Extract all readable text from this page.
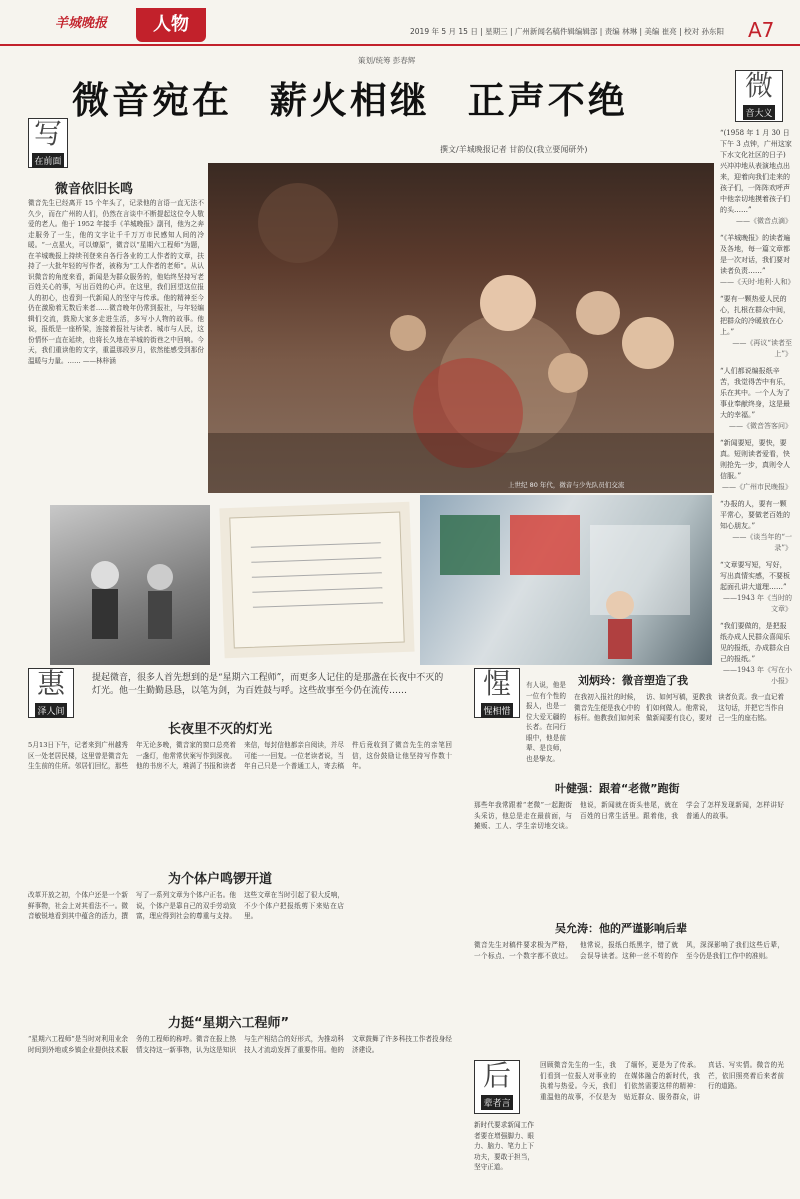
羊城晚报	人物	2019 年 5 月 15 日 | 星期三 | 广州新闻名稿件辑编辑部 | 责编 林琳 | 美编 崔亮 | 校对 孙东阳 A7
策划/统筹 彭春辉
微音宛在 薪火相继 正声不绝
写
在前面
撰文/羊城晚报记者 甘韵仪(我立要闻研外)
微音依旧长鸣
微音先生已经离开 15 个年头了，记录他的言语一直无法不久少，而在广州的人们，仍然在言谈中不断提起这位令人敬爱的老人。他于 1952 年接手《羊城晚报》副刊，他为之奔走服务了一生，他的文字让千千万万市民感知人间的冷暖。“一点星火，可以燎原”，微音以“星期六工程师”为题，在羊城晚报上持续刊登来自各行各业的工人作者的文章，扶持了一大批年轻的写作者，被称为“工人作者的老师”。从认识微音的角度来看，新闻是为群众服务的，他始终坚持写老百姓关心的事，写出百姓的心声。在这里，我们回望这位报人的初心，也看到一代新闻人的坚守与传承。他的精神至今仍在激励着无数后来者……微音晚年仍常到报社，与年轻编辑们交流，鼓励大家多走进生活，多写小人物的故事。他说，报纸是一座桥梁，连接着报社与读者、城市与人民，这份情怀一直在延续，也将长久地在羊城的街巷之中回响。今天，我们重读他的文字，重温那段岁月，依然能感受到那份温暖与力量。…… ——林梓涵
上世纪 80 年代，微音与少先队员们交流
微
音大义
“(1958 年 1 月 30 日下午 3 点钟，广州这家下水文化社区的日子)兴冲冲地从表演地点出来，迎着向我们走来的孩子们，一阵阵欢呼声中他亲切地摸着孩子们的头……”
——《微音点滴》
“《羊城晚报》的读者遍及各地，每一篇文章都是一次对话，我们要对读者负责……”
——《天时·地利·人和》
“要有一颗热爱人民的心，扎根在群众中间，把群众的冷暖放在心上。”
——《再议“读者至上”》
“人们都说编报纸辛苦，我觉得苦中有乐，乐在其中。一个人为了事业奉献终身，这是最大的幸福。”
——《微音答客问》
“新闻要短，要快，要真。短则读者爱看，快则抢先一步，真则令人信服。”
——《广州市民晚报》
“办报的人，要有一颗平常心，要做老百姓的知心朋友。”
——《谈当年的“一录”》
“文章要写短，写好，写出真情实感，不要板起面孔讲大道理……”
——1943 年《当时的文章》
“我们要做的，是把报纸办成人民群众喜闻乐见的报纸，办成群众自己的报纸。”
——1943 年《写在小小报》
惠
泽人间
提起微音，很多人首先想到的是“星期六工程师”，而更多人记住的是那盏在长夜中不灭的灯光。他一生勤勤恳恳，以笔为剑，为百姓鼓与呼。这些故事至今仍在流传……
长夜里不灭的灯光
5月13日下午，记者来到广州越秀区一处老居民楼，这里曾是微音先生生前的住所。邻居们回忆，那些年无论多晚，微音家的窗口总亮着一盏灯，他常常伏案写作到深夜。他的书房不大，堆满了书报和读者来信，每封信他都亲自阅读，并尽可能一一回复。一位老读者说，当年自己只是一个普通工人，寄去稿件后竟收到了微音先生的亲笔回信，这份鼓励让他坚持写作数十年。
为个体户鸣锣开道
改革开放之初，个体户还是一个新鲜事物，社会上对其看法不一。微音敏锐地看到其中蕴含的活力，撰写了一系列文章为个体户正名。他说，个体户是靠自己的双手劳动致富，理应得到社会的尊重与支持。这些文章在当时引起了很大反响，不少个体户把报纸剪下来贴在店里。
力挺“星期六工程师”
“星期六工程师”是当时对利用业余时间到外地或乡镇企业提供技术服务的工程师的称呼。微音在报上热情支持这一新事物，认为这是知识与生产相结合的好形式，为推动科技人才流动发挥了重要作用。他的文章鼓舞了许多科技工作者投身经济建设。
惺
惺相惜
有人说，他是一位有个性的报人，也是一位大爱无疆的长者。在同行眼中，他是前辈、是良师，也是挚友。
刘炳玲：微音塑造了我
在我初入报社的时候，微音先生便是我心中的标杆。他教我们如何采访、如何写稿，更教我们如何做人。他常说，做新闻要有良心，要对读者负责。我一直记着这句话，并把它当作自己一生的座右铭。
叶健强：跟着“老微”跑街
那些年我常跟着“老微”一起跑街头采访，他总是走在最前面，与摊贩、工人、学生亲切地交谈。他说，新闻就在街头巷尾，就在百姓的日常生活里。跟着他，我学会了怎样发现新闻，怎样讲好普通人的故事。
吴允涛：他的严谨影响后辈
微音先生对稿件要求极为严格，一个标点、一个数字都不放过。他常说，报纸白纸黑字，错了就会误导读者。这种一丝不苟的作风，深深影响了我们这些后辈，至今仍是我们工作中的准则。
后
辈者言
新时代要求新闻工作者要在增强脚力、眼力、脑力、笔力上下功夫，要敢于担当，坚守正道。
回顾微音先生的一生，我们看到一位报人对事业的执着与热爱。今天，我们重温他的故事，不仅是为了缅怀，更是为了传承。在媒体融合的新时代，我们依然需要这样的精神：贴近群众、服务群众，讲真话、写实情。微音的光芒，依旧照亮着后来者前行的道路。
